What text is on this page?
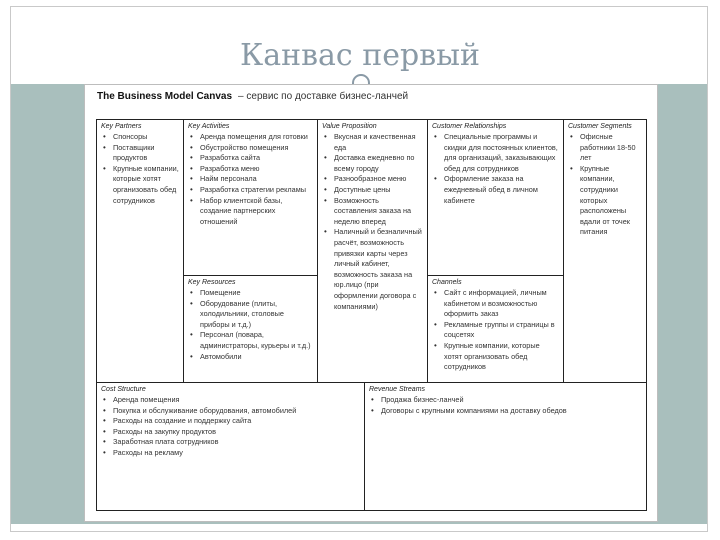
Канвас первый
The Business Model Canvas – сервис по доставке бизнес-ланчей
Key Partners
• Спонсоры
• Поставщики продуктов
• Крупные компании, которые хотят организовать обед сотрудников
Key Activities
• Аренда помещения для готовки
• Обустройство помещения
• Разработка сайта
• Разработка меню
• Найм персонала
• Разработка стратегии рекламы
• Набор клиентской базы, создание партнерских отношений
Key Resources
• Помещение
• Оборудование (плиты, холодильники, столовые приборы и т.д.)
• Персонал (повара, администраторы, курьеры и т.д.)
• Автомобили
Value Proposition
• Вкусная и качественная еда
• Доставка ежедневно по всему городу
• Разнообразное меню
• Доступные цены
• Возможность составления заказа на неделю вперед
• Наличный и безналичный расчёт, возможность привязки карты через личный кабинет, возможность заказа на юр.лицо (при оформлении договора с компаниями)
Customer Relationships
• Специальные программы и скидки для постоянных клиентов, для организаций, заказывающих обед для сотрудников
• Оформление заказа на ежедневный обед в личном кабинете
Channels
• Сайт с информацией, личным кабинетом и возможностью оформить заказ
• Рекламные группы и страницы в соцсетях
• Крупные компании, которые хотят организовать обед сотрудников
Customer Segments
• Офисные работники 18-50 лет
• Крупные компании, сотрудники которых расположены вдали от точек питания
Cost Structure
• Аренда помещения
• Покупка и обслуживание оборудования, автомобилей
• Расходы на создание и поддержку сайта
• Расходы на закупку продуктов
• Заработная плата сотрудников
• Расходы на рекламу
Revenue Streams
• Продажа бизнес-ланчей
• Договоры с крупными компаниями на доставку обедов
